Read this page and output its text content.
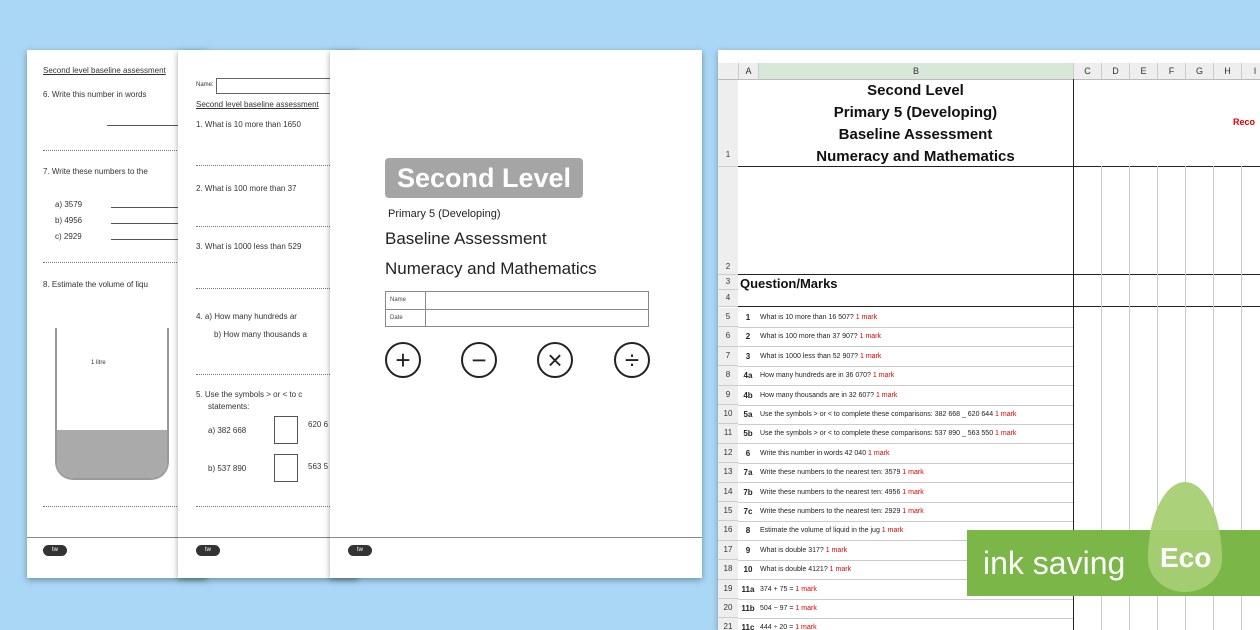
Second level baseline assessment
6. Write this number in words
7. Write these numbers to the
a) 3579
b) 4956
c) 2929
8. Estimate the volume of liqu
1 litre
tw
Name:
Second level baseline assessment
1. What is 10 more than 1650
2. What is 100 more than 37
3. What is 1000 less than 529
4. a) How many hundreds ar
b) How many thousands a
5. Use the symbols > or < to c
statements:
a) 382 668
620 6
b) 537 890	563 5
tw
Second Level
Primary 5 (Developing)
Baseline Assessment
Numeracy and Mathematics
Name
Date
+	−	×	÷
tw
A	B	C	D	E	F	G	H	I
1
2
3
4
Second Level
Primary 5 (Developing)
Baseline Assessment
Numeracy and Mathematics
Reco
Question/Marks
5	1	What is 10 more than 16 507? 1 mark
6	2	What is 100 more than 37 907? 1 mark
7	3	What is 1000 less than 52 907? 1 mark
8	4a	How many hundreds are in 36 070? 1 mark
9	4b	How many thousands are in 32 607? 1 mark
10	5a	Use the symbols > or < to complete these comparisons: 382 668 _ 620 644 1 mark
11	5b	Use the symbols > or < to complete these comparisons: 537 890 _ 563 550 1 mark
12	6	Write this number in words 42 040 1 mark
13	7a	Write these numbers to the nearest ten: 3579 1 mark
14	7b	Write these numbers to the nearest ten: 4956 1 mark
15	7c	Write these numbers to the nearest ten: 2929 1 mark
16	8	Estimate the volume of liquid in the jug 1 mark
17	9	What is double 317? 1 mark
18	10	What is double 4121? 1 mark
19	11a 374 + 75 = 1 mark
20	11b 504 − 97 = 1 mark
21	11c 444 ÷ 20 = 1 mark
ink saving Eco
